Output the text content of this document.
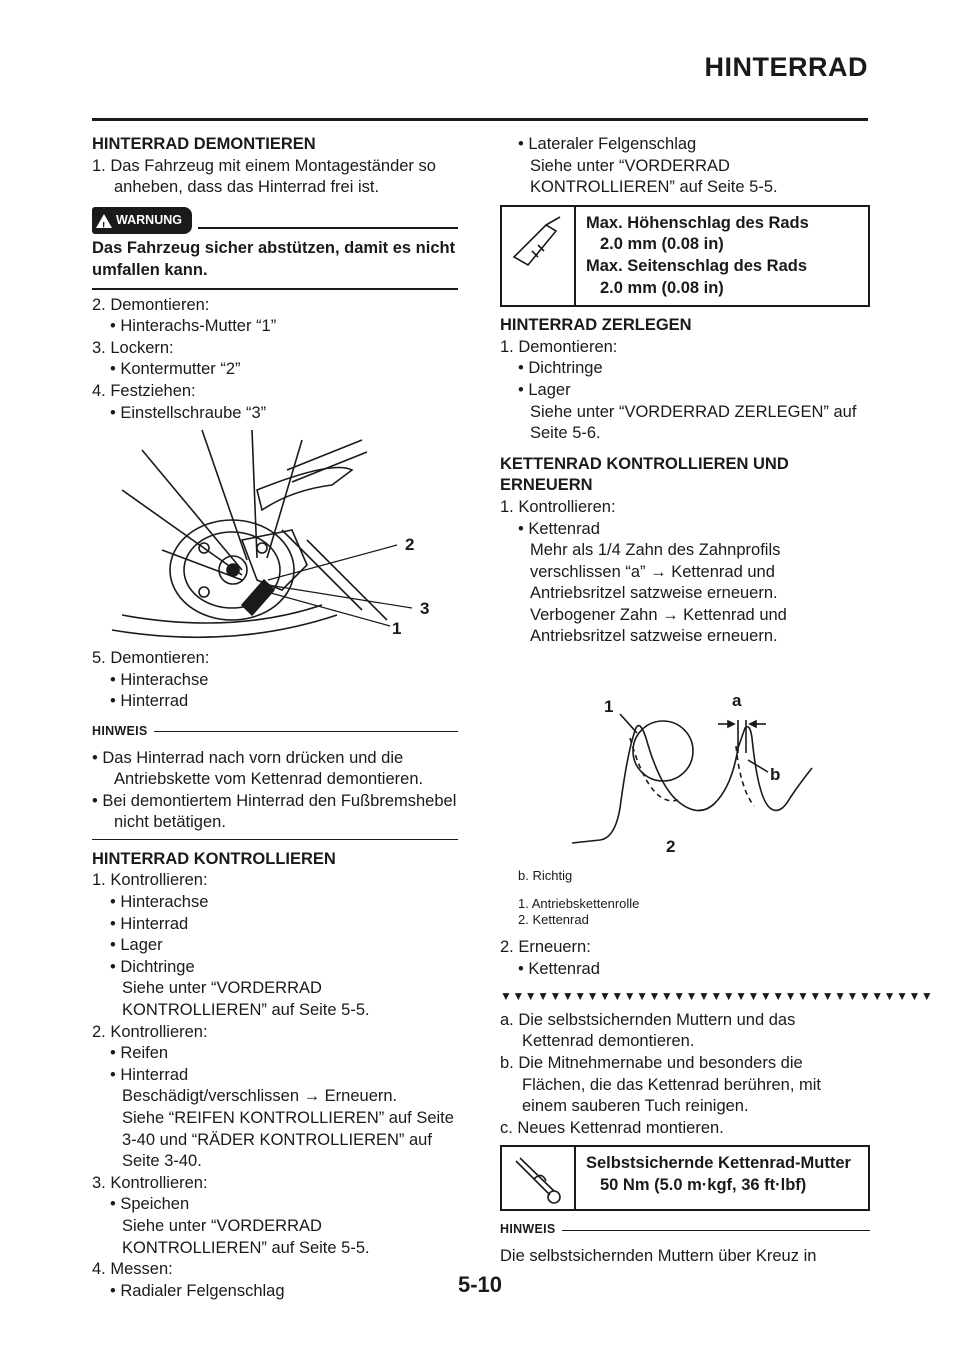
HINTERRAD

HINTERRAD DEMONTIEREN

1. Das Fahrzeug mit einem Montageständer so anheben, dass das Hinterrad frei ist.

! WARNUNG

Das Fahrzeug sicher abstützen, damit es nicht umfallen kann.

2. Demontieren:

• Hinterachs-Mutter “1”

3. Lockern:

• Kontermutter “2”

4. Festziehen:

• Einstellschraube “3”

2
3
1

5. Demontieren:

• Hinterachse

• Hinterrad

HINWEIS

• Das Hinterrad nach vorn drücken und die Antriebskette vom Kettenrad demontieren.

• Bei demontiertem Hinterrad den Fußbremshebel nicht betätigen.

HINTERRAD KONTROLLIEREN

1. Kontrollieren:

• Hinterachse

• Hinterrad

• Lager

• Dichtringe

Siehe unter “VORDERRAD KONTROLLIEREN” auf Seite 5-5.

2. Kontrollieren:

• Reifen

• Hinterrad

Beschädigt/verschlissen → Erneuern.

Siehe “REIFEN KONTROLLIEREN” auf Seite 3-40 und “RÄDER KONTROLLIEREN” auf Seite 3-40.

3. Kontrollieren:

• Speichen

Siehe unter “VORDERRAD KONTROLLIEREN” auf Seite 5-5.

4. Messen:

• Radialer Felgenschlag

• Lateraler Felgenschlag

Siehe unter “VORDERRAD KONTROLLIEREN” auf Seite 5-5.

Max. Höhenschlag des Rads
2.0 mm (0.08 in)
Max. Seitenschlag des Rads
2.0 mm (0.08 in)

HINTERRAD ZERLEGEN

1. Demontieren:

• Dichtringe

• Lager

Siehe unter “VORDERRAD ZERLEGEN” auf Seite 5-6.

KETTENRAD KONTROLLIEREN UND ERNEUERN

1. Kontrollieren:

• Kettenrad

Mehr als 1/4 Zahn des Zahnprofils verschlissen “a” → Kettenrad und Antriebsritzel satzweise erneuern.

Verbogener Zahn → Kettenrad und Antriebsritzel satzweise erneuern.

1	a
b
2
b. Richtig
1. Antriebskettenrolle
2. Kettenrad

2. Erneuern:

• Kettenrad

▼▼▼▼▼▼▼▼▼▼▼▼▼▼▼▼▼▼▼▼▼▼▼▼▼▼▼▼▼▼▼▼▼▼▼

a. Die selbstsichernden Muttern und das Kettenrad demontieren.

b. Die Mitnehmernabe und besonders die Flächen, die das Kettenrad berühren, mit einem sauberen Tuch reinigen.

c. Neues Kettenrad montieren.

Selbstsichernde Kettenrad-Mutter
50 Nm (5.0 m·kgf, 36 ft·lbf)
HINWEIS

Die selbstsichernden Muttern über Kreuz in

5-10
